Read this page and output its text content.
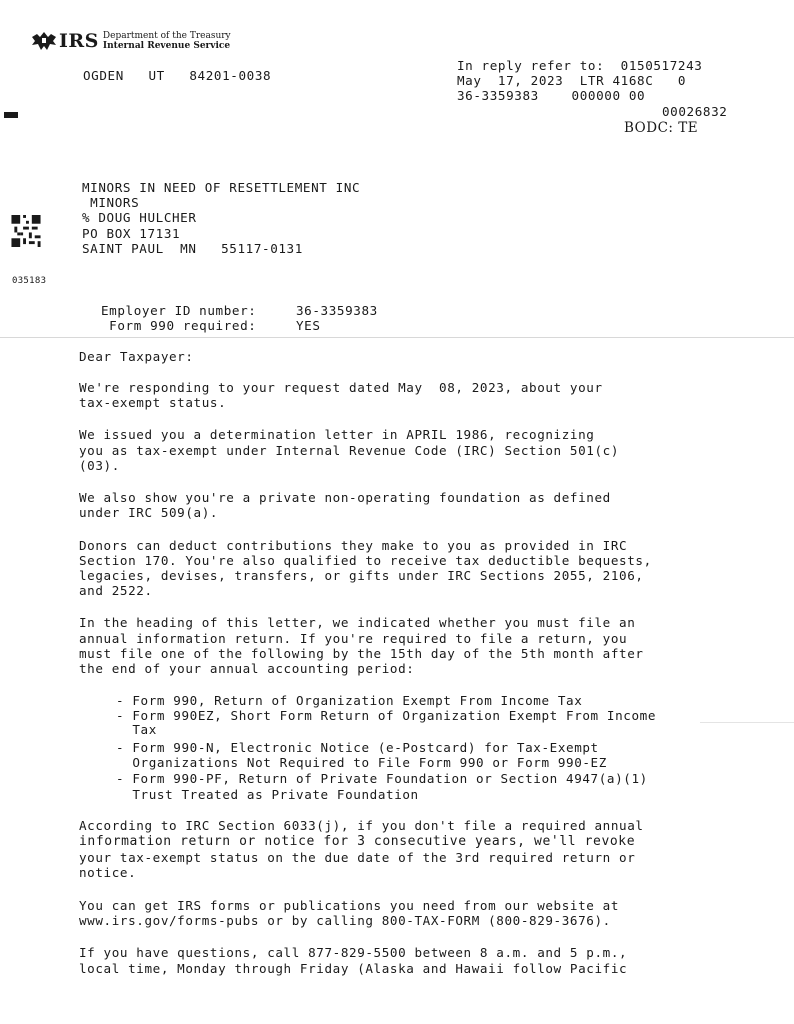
IRS Department of the Treasury
Internal Revenue Service
OGDEN   UT   84201-0038
In reply refer to:  0150517243
May  17, 2023  LTR 4168C   0
36-3359383    000000 00
00026832
BODC: TE
MINORS IN NEED OF RESETTLEMENT INC
MINORS
% DOUG HULCHER
PO BOX 17131
SAINT PAUL  MN   55117-0131
035183
Employer ID number:	36-3359383
Form 990 required:	YES
Dear Taxpayer:
We're responding to your request dated May  08, 2023, about your
tax-exempt status.
We issued you a determination letter in APRIL 1986, recognizing
you as tax-exempt under Internal Revenue Code (IRC) Section 501(c)
(03).
We also show you're a private non-operating foundation as defined
under IRC 509(a).
Donors can deduct contributions they make to you as provided in IRC
Section 170. You're also qualified to receive tax deductible bequests,
legacies, devises, transfers, or gifts under IRC Sections 2055, 2106,
and 2522.
In the heading of this letter, we indicated whether you must file an
annual information return. If you're required to file a return, you
must file one of the following by the 15th day of the 5th month after
the end of your annual accounting period:
- Form 990, Return of Organization Exempt From Income Tax
- Form 990EZ, Short Form Return of Organization Exempt From Income
Tax
- Form 990-N, Electronic Notice (e-Postcard) for Tax-Exempt
Organizations Not Required to File Form 990 or Form 990-EZ
- Form 990-PF, Return of Private Foundation or Section 4947(a)(1)
Trust Treated as Private Foundation
According to IRC Section 6033(j), if you don't file a required annual
information return or notice for 3 consecutive years, we'll revoke
your tax-exempt status on the due date of the 3rd required return or
notice.
You can get IRS forms or publications you need from our website at
www.irs.gov/forms-pubs or by calling 800-TAX-FORM (800-829-3676).
If you have questions, call 877-829-5500 between 8 a.m. and 5 p.m.,
local time, Monday through Friday (Alaska and Hawaii follow Pacific
